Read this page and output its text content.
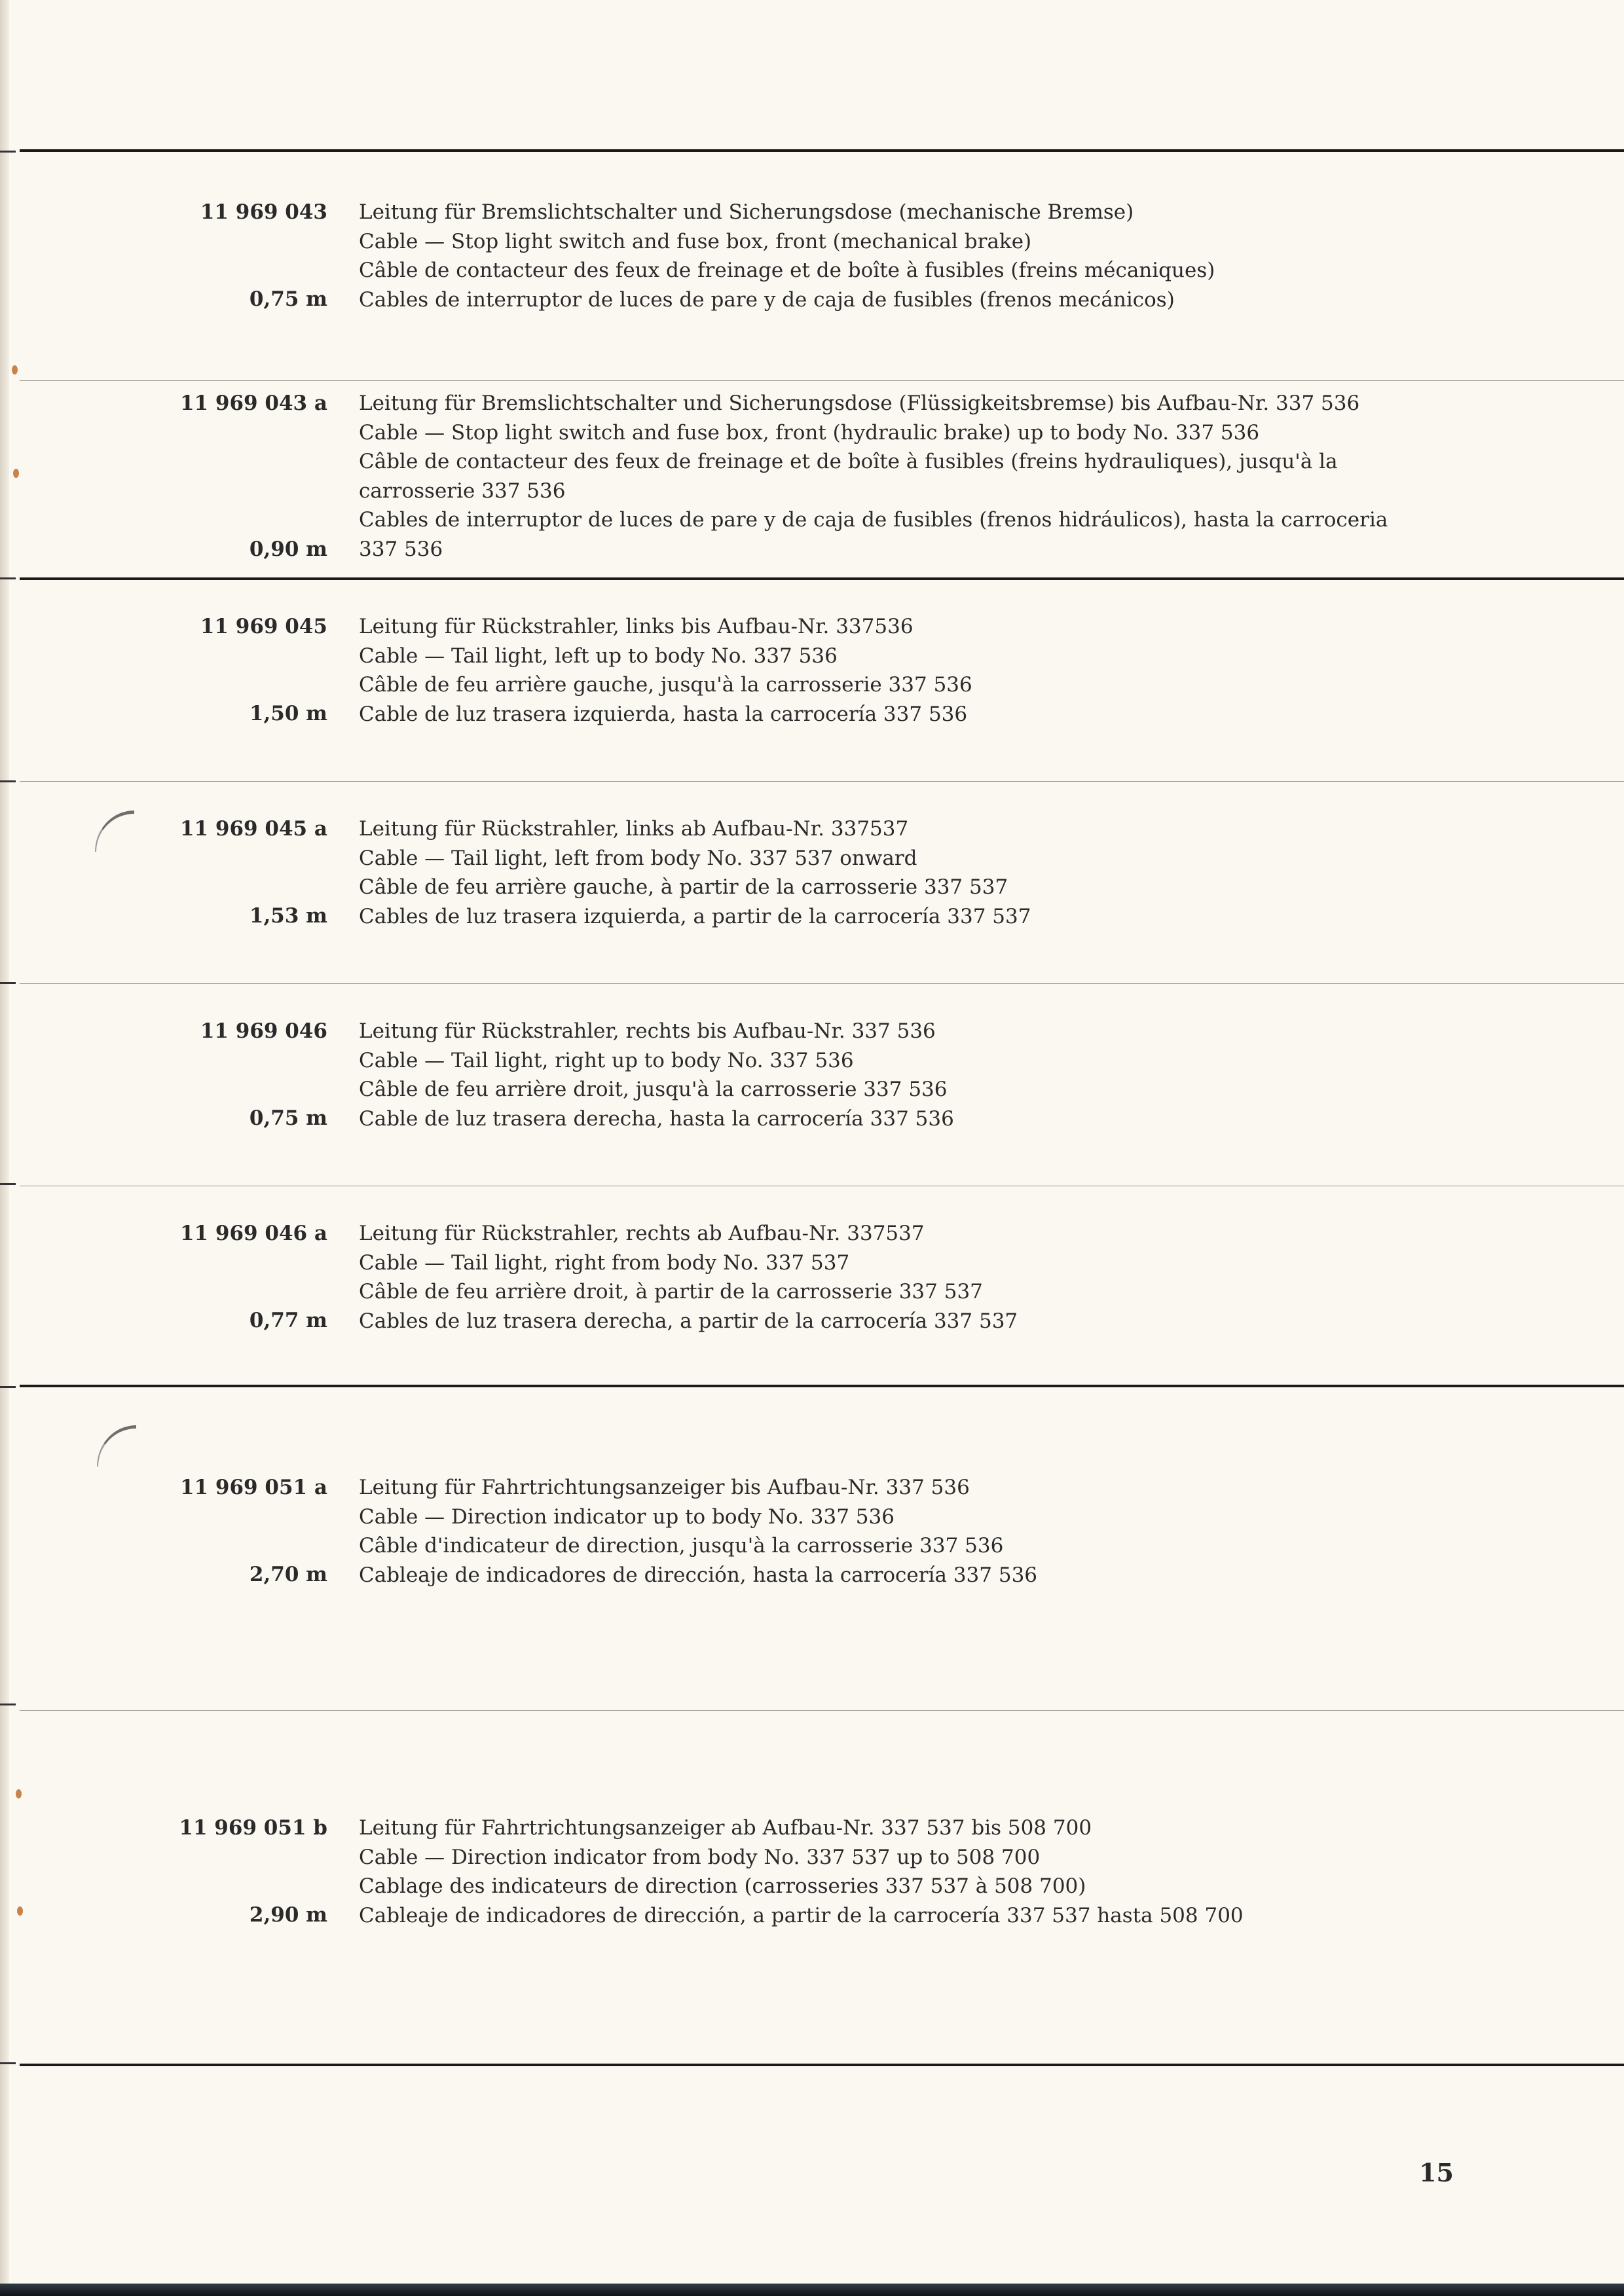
11 969 043 Leitung für Bremslichtschalter und Sicherungsdose (mechanische Bremse)

Cable — Stop light switch and fuse box, front (mechanical brake)

Câble de contacteur des feux de freinage et de boîte à fusibles (freins mécaniques)

Cables de interruptor de luces de pare y de caja de fusibles (frenos mecánicos)

0,75 m
11 969 043 a Leitung für Bremslichtschalter und Sicherungsdose (Flüssigkeitsbremse) bis Aufbau-Nr. 337 536

Cable — Stop light switch and fuse box, front (hydraulic brake) up to body No. 337 536

Câble de contacteur des feux de freinage et de boîte à fusibles (freins hydrauliques), jusqu'à la

carrosserie 337 536

Cables de interruptor de luces de pare y de caja de fusibles (frenos hidráulicos), hasta la carroceria

337 536

0,90 m
11 969 045 Leitung für Rückstrahler, links bis Aufbau-Nr. 337536

Cable — Tail light, left up to body No. 337 536

Câble de feu arrière gauche, jusqu'à la carrosserie 337 536

Cable de luz trasera izquierda, hasta la carrocería 337 536

1,50 m
11 969 045 a Leitung für Rückstrahler, links ab Aufbau-Nr. 337537

Cable — Tail light, left from body No. 337 537 onward

Câble de feu arrière gauche, à partir de la carrosserie 337 537

Cables de luz trasera izquierda, a partir de la carrocería 337 537

1,53 m
11 969 046 Leitung für Rückstrahler, rechts bis Aufbau-Nr. 337 536

Cable — Tail light, right up to body No. 337 536

Câble de feu arrière droit, jusqu'à la carrosserie 337 536

Cable de luz trasera derecha, hasta la carrocería 337 536

0,75 m
11 969 046 a Leitung für Rückstrahler, rechts ab Aufbau-Nr. 337537

Cable — Tail light, right from body No. 337 537

Câble de feu arrière droit, à partir de la carrosserie 337 537

Cables de luz trasera derecha, a partir de la carrocería 337 537

0,77 m
11 969 051 a Leitung für Fahrtrichtungsanzeiger bis Aufbau-Nr. 337 536

Cable — Direction indicator up to body No. 337 536

Câble d'indicateur de direction, jusqu'à la carrosserie 337 536

Cableaje de indicadores de dirección, hasta la carrocería 337 536

2,70 m
11 969 051 b Leitung für Fahrtrichtungsanzeiger ab Aufbau-Nr. 337 537 bis 508 700

Cable — Direction indicator from body No. 337 537 up to 508 700

Cablage des indicateurs de direction (carrosseries 337 537 à 508 700)

Cableaje de indicadores de dirección, a partir de la carrocería 337 537 hasta 508 700

2,90 m
15
